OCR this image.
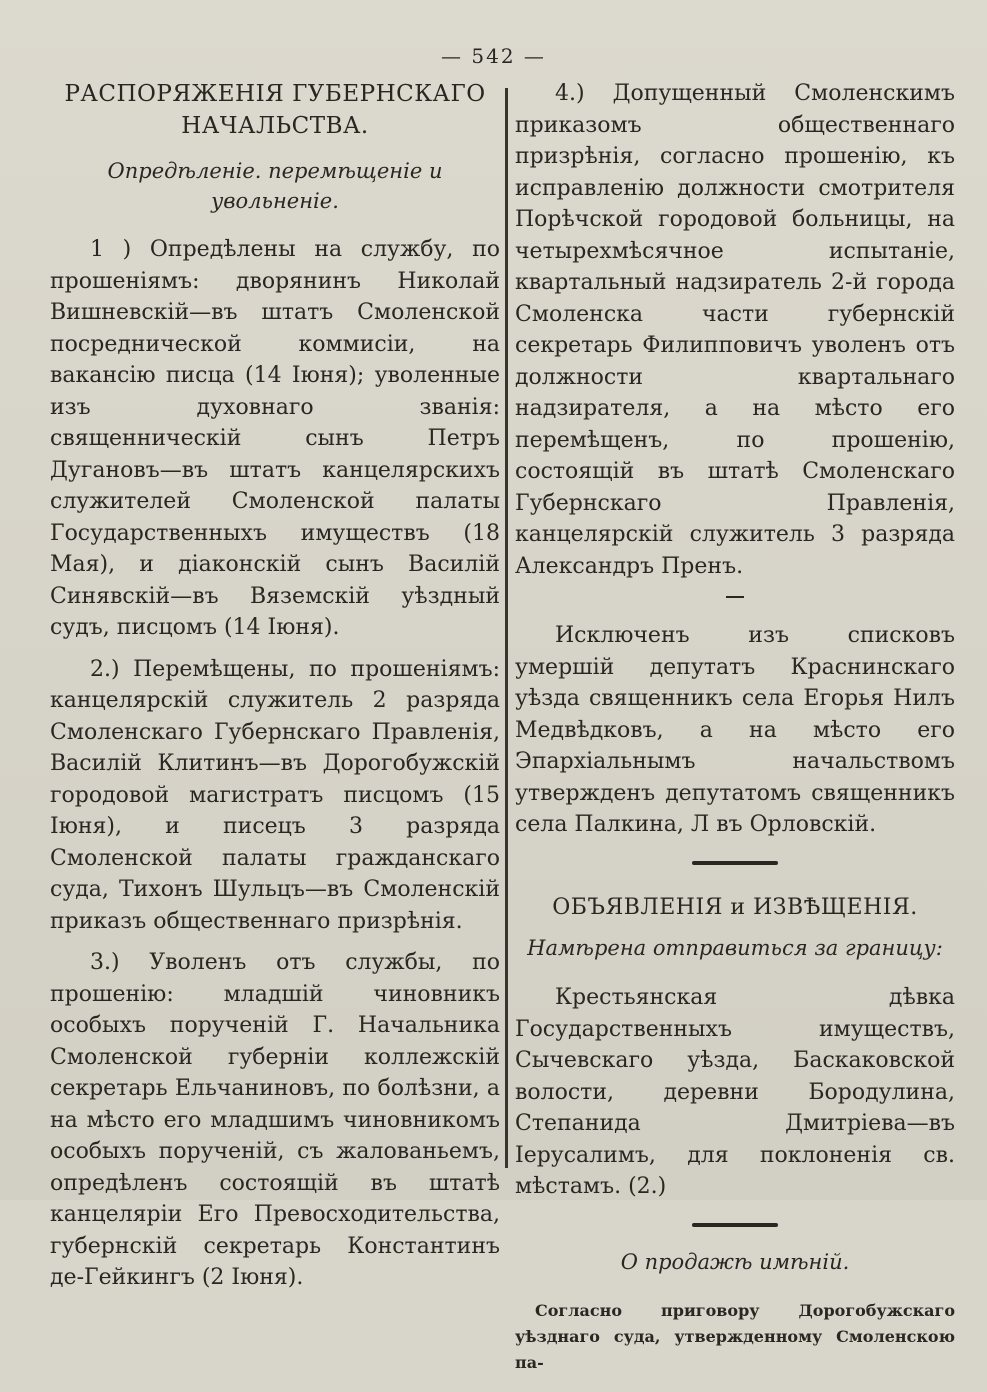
— 542 —
РАСПОРЯЖЕНІЯ ГУБЕРНСКАГО НАЧАЛЬСТВА.
Опредѣленіе. перемѣщеніе и увольненіе.

1 ) Опредѣлены на службу, по прошеніямъ: дворянинъ Николай Вишневскій—въ штатъ Смоленской посреднической коммисіи, на вакансію писца (14 Іюня); уволенные изъ духовнаго званія: священническій сынъ Петръ Дугановъ—въ штатъ канцелярскихъ служителей Смоленской палаты Государственныхъ имуществъ (18 Мая), и діаконскій сынъ Василій Синявскій—въ Вяземскій уѣздный судъ, писцомъ (14 Іюня).

2.) Перемѣщены, по прошеніямъ: канцелярскій служитель 2 разряда Смоленскаго Губернскаго Правленія, Василій Клитинъ—въ Дорогобужскій городовой магистратъ писцомъ (15 Іюня), и писецъ 3 разряда Смоленской палаты гражданскаго суда, Тихонъ Шульцъ—въ Смоленскій приказъ общественнаго призрѣнія.

3.) Уволенъ отъ службы, по прошенію: младшій чиновникъ особыхъ порученій Г. Начальника Смоленской губерніи коллежскій секретарь Ельчаниновъ, по болѣзни, а на мѣсто его младшимъ чиновникомъ особыхъ порученій, съ жалованьемъ, опредѣленъ состоящій въ штатѣ канцеляріи Его Превосходительства, губернскій секретарь Константинъ де-Гейкингъ (2 Іюня).

4.) Допущенный Смоленскимъ приказомъ общественнаго призрѣнія, согласно прошенію, къ исправленію должности смотрителя Порѣчской городовой больницы, на четырехмѣсячное испытаніе, квартальный надзиратель 2-й города Смоленска части губернскій секретарь Филипповичъ уволенъ отъ должности квартальнаго надзирателя, а на мѣсто его перемѣщенъ, по прошенію, состоящій въ штатѣ Смоленскаго Губернскаго Правленія, канцелярскій служитель 3 разряда Александръ Пренъ.

Исключенъ изъ списковъ умершій депутатъ Краснинскаго уѣзда священникъ села Егорья Нилъ Медвѣдковъ, а на мѣсто его Эпархіальнымъ начальствомъ утвержденъ депутатомъ священникъ села Палкина, Л въ Орловскій.

ОБЪЯВЛЕНІЯ и ИЗВѢЩЕНІЯ.
Намѣрена отправиться за границу:

Крестьянская дѣвка Государственныхъ имуществъ, Сычевскаго уѣзда, Баскаковской волости, деревни Бородулина, Степанида Дмитріева—въ Іерусалимъ, для поклоненія св. мѣстамъ. (2.)

О продажѣ имѣній.

Согласно приговору Дорогобужскаго уѣзднаго суда, утвержденному Смоленскою па-
